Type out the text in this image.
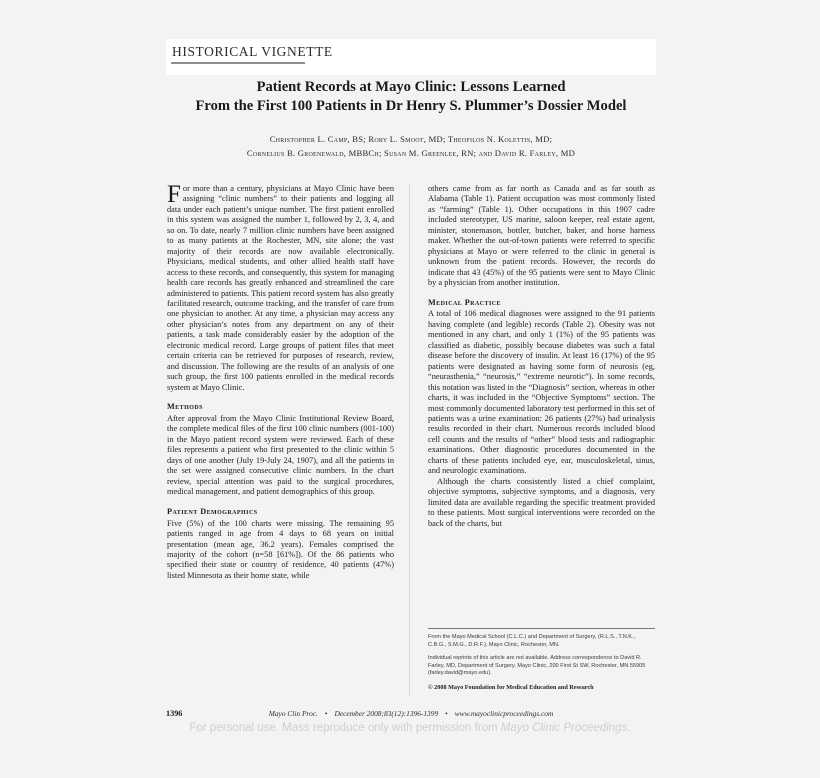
HISTORICAL VIGNETTE
Patient Records at Mayo Clinic: Lessons Learned
From the First 100 Patients in Dr Henry S. Plummer’s Dossier Model
Christopher L. Camp, BS; Rory L. Smoot, MD; Theofilos N. Kolettis, MD;
Cornelius B. Groenewald, MBBCh; Susan M. Greenlee, RN; and David R. Farley, MD

For more than a century, physicians at Mayo Clinic have been assigning “clinic numbers” to their patients and logging all data under each patient’s unique number. The first patient enrolled in this system was assigned the number 1, followed by 2, 3, 4, and so on. To date, nearly 7 million clinic numbers have been assigned to as many patients at the Rochester, MN, site alone; the vast majority of their records are now available electronically. Physicians, medical students, and other allied health staff have access to these records, and consequently, this system for managing health care records has greatly enhanced and streamlined the care administered to patients. This patient record system has also greatly facilitated research, outcome tracking, and the transfer of care from one physician to another. At any time, a physician may access any other physician’s notes from any department on any of their patients, a task made considerably easier by the adoption of the electronic medical record. Large groups of patient files that meet certain criteria can be retrieved for purposes of research, review, and discussion. The following are the results of an analysis of one such group, the first 100 patients enrolled in the medical records system at Mayo Clinic.

Methods

After approval from the Mayo Clinic Institutional Review Board, the complete medical files of the first 100 clinic numbers (001-100) in the Mayo patient record system were reviewed. Each of these files represents a patient who first presented to the clinic within 5 days of one another (July 19-July 24, 1907), and all the patients in the set were assigned consecutive clinic numbers. In the chart review, special attention was paid to the surgical procedures, medical management, and patient demographics of this group.

Patient Demographics

Five (5%) of the 100 charts were missing. The remaining 95 patients ranged in age from 4 days to 68 years on initial presentation (mean age, 36.2 years). Females comprised the majority of the cohort (n=58 [61%]). Of the 86 patients who specified their state or country of residence, 40 patients (47%) listed Minnesota as their home state, while

others came from as far north as Canada and as far south as Alabama (Table 1). Patient occupation was most commonly listed as “farming” (Table 1). Other occupations in this 1907 cadre included stereotyper, US marine, saloon keeper, real estate agent, minister, stonemason, bottler, butcher, baker, and horse harness maker. Whether the out-of-town patients were referred to specific physicians at Mayo or were referred to the clinic in general is unknown from the patient records. However, the records do indicate that 43 (45%) of the 95 patients were sent to Mayo Clinic by a physician from another institution.

Medical Practice

A total of 106 medical diagnoses were assigned to the 91 patients having complete (and legible) records (Table 2). Obesity was not mentioned in any chart, and only 1 (1%) of the 95 patients was classified as diabetic, possibly because diabetes was such a fatal disease before the discovery of insulin. At least 16 (17%) of the 95 patients were designated as having some form of neurosis (eg, “neurasthenia,” “neurosis,” “extreme neurotic”). In some records, this notation was listed in the “Diagnosis” section, whereas in other charts, it was included in the “Objective Symptoms” section. The most commonly documented laboratory test performed in this set of patients was a urine examination: 26 patients (27%) had urinalysis results recorded in their chart. Numerous records included blood cell counts and the results of “other” blood tests and radiographic examinations. Other diagnostic procedures documented in the charts of these patients included eye, ear, musculoskeletal, sinus, and neurologic examinations.

Although the charts consistently listed a chief complaint, objective symptoms, subjective symptoms, and a diagnosis, very limited data are available regarding the specific treatment provided to these patients. Most surgical interventions were recorded on the back of the charts, but

From the Mayo Medical School (C.L.C.) and Department of Surgery, (R.L.S., T.N.K., C.B.G., S.M.G., D.R.F.), Mayo Clinic, Rochester, MN.

Individual reprints of this article are not available. Address correspondence to David R. Farley, MD, Department of Surgery, Mayo Clinic, 200 First St SW, Rochester, MN 55905 (farley.david@mayo.edu).

© 2008 Mayo Foundation for Medical Education and Research

1396	Mayo Clin Proc. • December 2008;83(12):1396-1399 • www.mayoclinicproceedings.com
For personal use. Mass reproduce only with permission from Mayo Clinic Proceedings.
